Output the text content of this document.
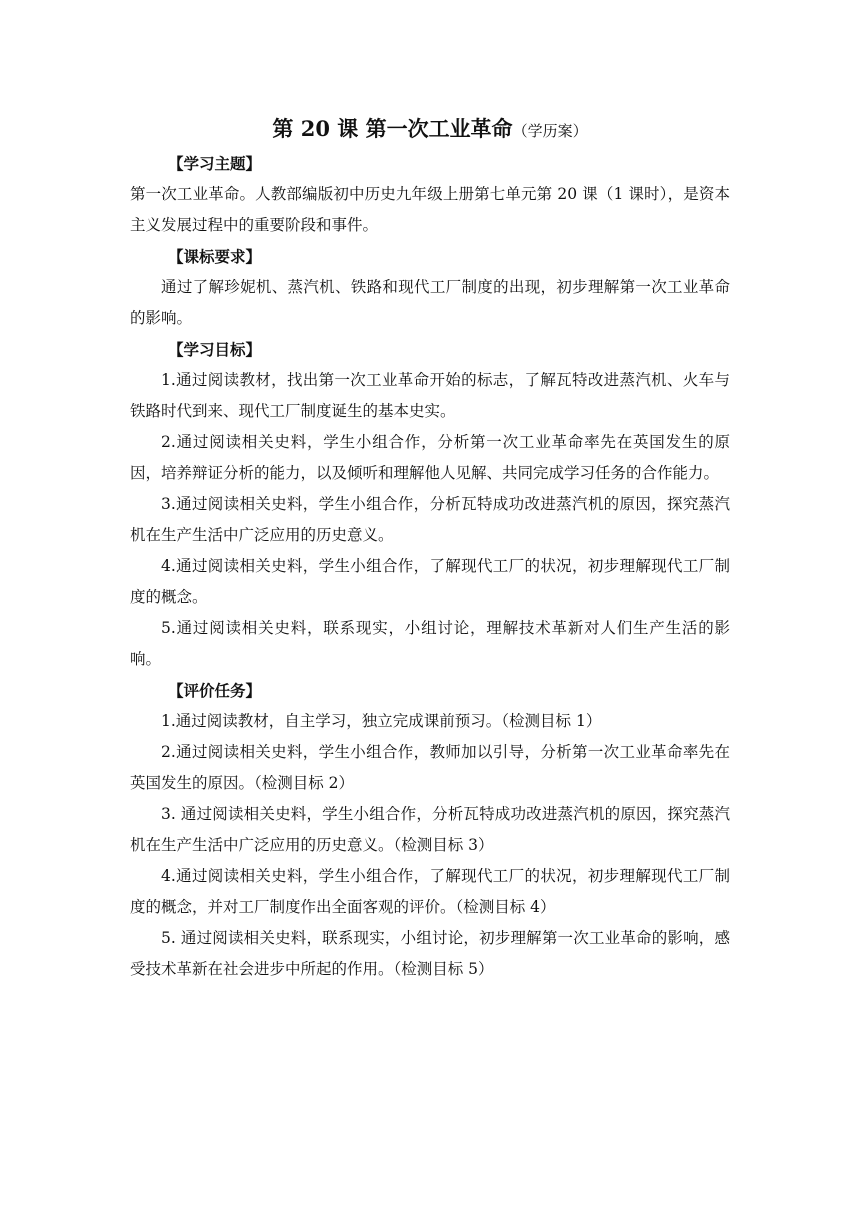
第 20 课 第一次工业革命（学历案）
【学习主题】

第一次工业革命。人教部编版初中历史九年级上册第七单元第 20 课（1 课时），是资本主义发展过程中的重要阶段和事件。

【课标要求】

通过了解珍妮机、蒸汽机、铁路和现代工厂制度的出现，初步理解第一次工业革命的影响。

【学习目标】

1.通过阅读教材，找出第一次工业革命开始的标志，了解瓦特改进蒸汽机、火车与铁路时代到来、现代工厂制度诞生的基本史实。

2.通过阅读相关史料，学生小组合作，分析第一次工业革命率先在英国发生的原因，培养辩证分析的能力，以及倾听和理解他人见解、共同完成学习任务的合作能力。

3.通过阅读相关史料，学生小组合作，分析瓦特成功改进蒸汽机的原因，探究蒸汽机在生产生活中广泛应用的历史意义。

4.通过阅读相关史料，学生小组合作，了解现代工厂的状况，初步理解现代工厂制度的概念。

5.通过阅读相关史料，联系现实，小组讨论，理解技术革新对人们生产生活的影响。

【评价任务】

1.通过阅读教材，自主学习，独立完成课前预习。（检测目标 1）

2.通过阅读相关史料，学生小组合作，教师加以引导，分析第一次工业革命率先在英国发生的原因。（检测目标 2）

3. 通过阅读相关史料，学生小组合作，分析瓦特成功改进蒸汽机的原因，探究蒸汽机在生产生活中广泛应用的历史意义。（检测目标 3）

4.通过阅读相关史料，学生小组合作，了解现代工厂的状况，初步理解现代工厂制度的概念，并对工厂制度作出全面客观的评价。（检测目标 4）

5. 通过阅读相关史料，联系现实，小组讨论，初步理解第一次工业革命的影响，感受技术革新在社会进步中所起的作用。（检测目标 5）
